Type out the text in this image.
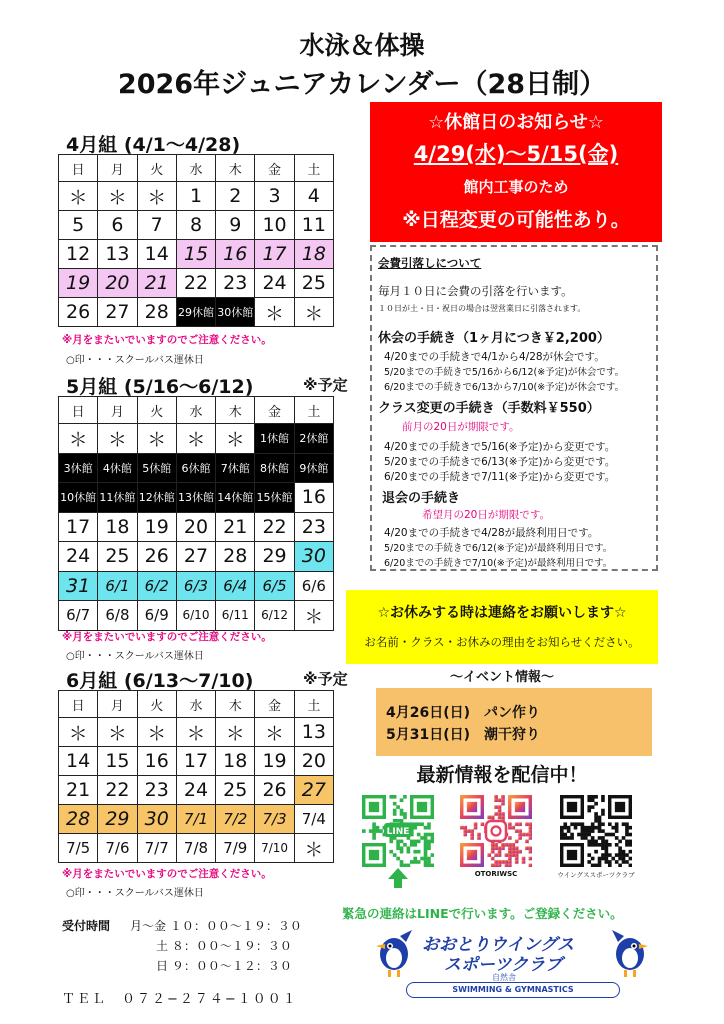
水泳＆体操
2026年ジュニアカレンダー（28日制）
4月組 (4/1〜4/28)
日	月	火	水	木	金	土
＊	＊	＊	1	2	3	4
5	6	7	8	9	10	11
12	13	14	15	16	17	18
19	20	21	22	23	24	25
26	27	28	29休館	30休館	＊	＊
※月をまたいでいますのでご注意ください。
○印・・・スクールバス運休日
5月組 (5/16〜6/12)	※予定
日	月	火	水	木	金	土
＊	＊	＊	＊	＊	1休館	2休館
3休館	4休館	5休館	6休館	7休館	8休館	9休館
10休館	11休館	12休館	13休館	14休館	15休館	16
17	18	19	20	21	22	23
24	25	26	27	28	29	30
31	6/1	6/2	6/3	6/4	6/5	6/6
6/7	6/8	6/9	6/10	6/11	6/12	＊
※月をまたいでいますのでご注意ください。
○印・・・スクールバス運休日
6月組 (6/13〜7/10)	※予定
日	月	火	水	木	金	土
＊	＊	＊	＊	＊	＊	13
14	15	16	17	18	19	20
21	22	23	24	25	26	27
28	29	30	7/1	7/2	7/3	7/4
7/5	7/6	7/7	7/8	7/9	7/10	＊
※月をまたいでいますのでご注意ください。
○印・・・スクールバス運休日
受付時間 月〜金 １０：００〜１９：３０
土 ８：００〜１９：３０
日 ９：００〜１２：３０
ＴＥＬ　０７２−２７４−１００１
☆休館日のお知らせ☆
4/29(水)〜5/15(金)
館内工事のため
※日程変更の可能性あり。
会費引落しについて
毎月１０日に会費の引落を行います。
１０日が土・日・祝日の場合は翌営業日に引落されます。
休会の手続き（1ヶ月につき￥2,200）
4/20までの手続きで4/1から4/28が休会です。
5/20までの手続きで5/16から6/12(※予定)が休会です。
6/20までの手続きで6/13から7/10(※予定)が休会です。
クラス変更の手続き（手数料￥550）
前月の20日が期限です。
4/20までの手続きで5/16(※予定)から変更です。
5/20までの手続きで6/13(※予定)から変更です。
6/20までの手続きで7/11(※予定)から変更です。
退会の手続き
希望月の20日が期限です。
4/20までの手続きで4/28が最終利用日です。
5/20までの手続きで6/12(※予定)が最終利用日です。
6/20までの手続きで7/10(※予定)が最終利用日です。
☆お休みする時は連絡をお願いします☆
お名前・クラス・お休みの理由をお知らせください。
〜イベント情報〜
4月26日(日)　パン作り
5月31日(日)　潮干狩り
最新情報を配信中！
LINE
OTORIWSC	ウイングススポーツクラブ
緊急の連絡はLINEで行います。ご登録ください。
おおとりウイングス
スポーツクラブ
自然舎
SWIMMING & GYMNASTICS
